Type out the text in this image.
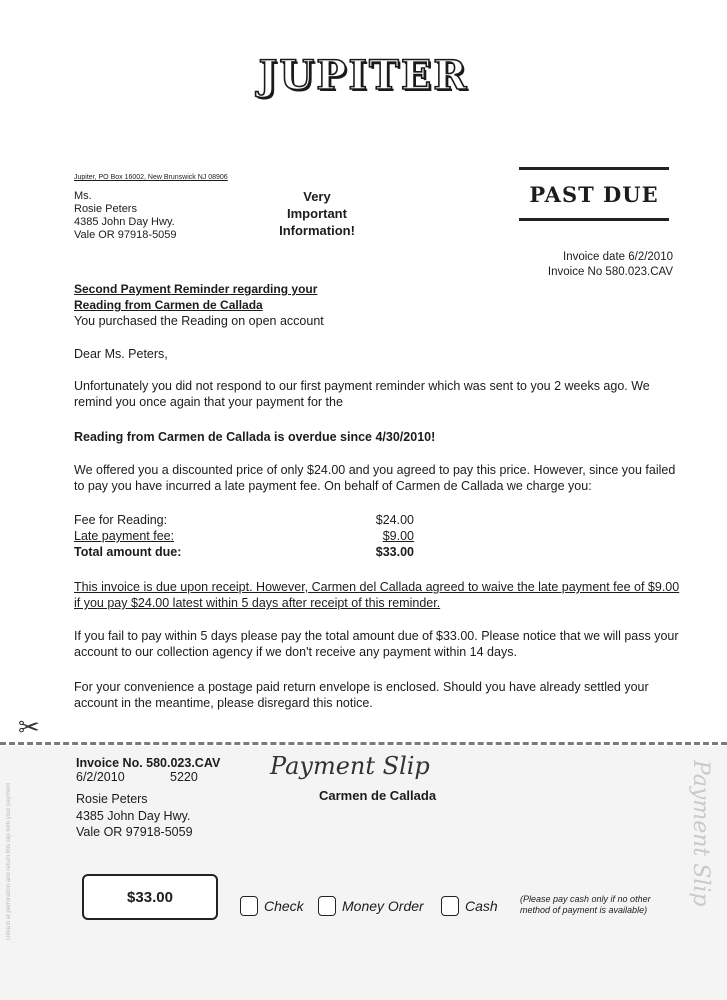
JUPITER
Jupiter, PO Box 16002, New Brunswick NJ 08906
Ms.
Rosie Peters
4385 John Day Hwy.
Vale OR 97918-5059
Very
Important
Information!
PAST DUE
Invoice date 6/2/2010
Invoice No 580.023.CAV
Second Payment Reminder regarding your
Reading from Carmen de Callada
You purchased the Reading on open account
Dear Ms. Peters,
Unfortunately you did not respond to our first payment reminder which was sent to you 2 weeks ago. We remind you once again that your payment for the
Reading from Carmen de Callada is overdue since 4/30/2010!
We offered you a discounted price of only $24.00 and you agreed to pay this price. However, since you failed to pay you have incurred a late payment fee. On behalf of Carmen de Callada we charge you:
Fee for Reading:	$24.00
Late payment fee:	$9.00
Total amount due:	$33.00
This invoice is due upon receipt. However, Carmen del Callada agreed to waive the late payment fee of $9.00 if you pay $24.00 latest within 5 days after receipt of this reminder.
If you fail to pay within 5 days please pay the total amount due of $33.00. Please notice that we will pass your account to our collection agency if we don't receive any payment within 14 days.
For your convenience a postage paid return envelope is enclosed. Should you have already settled your account in the meantime, please disregard this notice.
✂
Detach at perforation and return this slip with your payment	Payment Slip
Invoice No. 580.023.CAV
6/2/2010	5220
Rosie Peters
4385 John Day Hwy.
Vale OR 97918-5059
Payment Slip
Carmen de Callada
$33.00
Check	Money Order	Cash (Please pay cash only if no other
method of payment is available)
